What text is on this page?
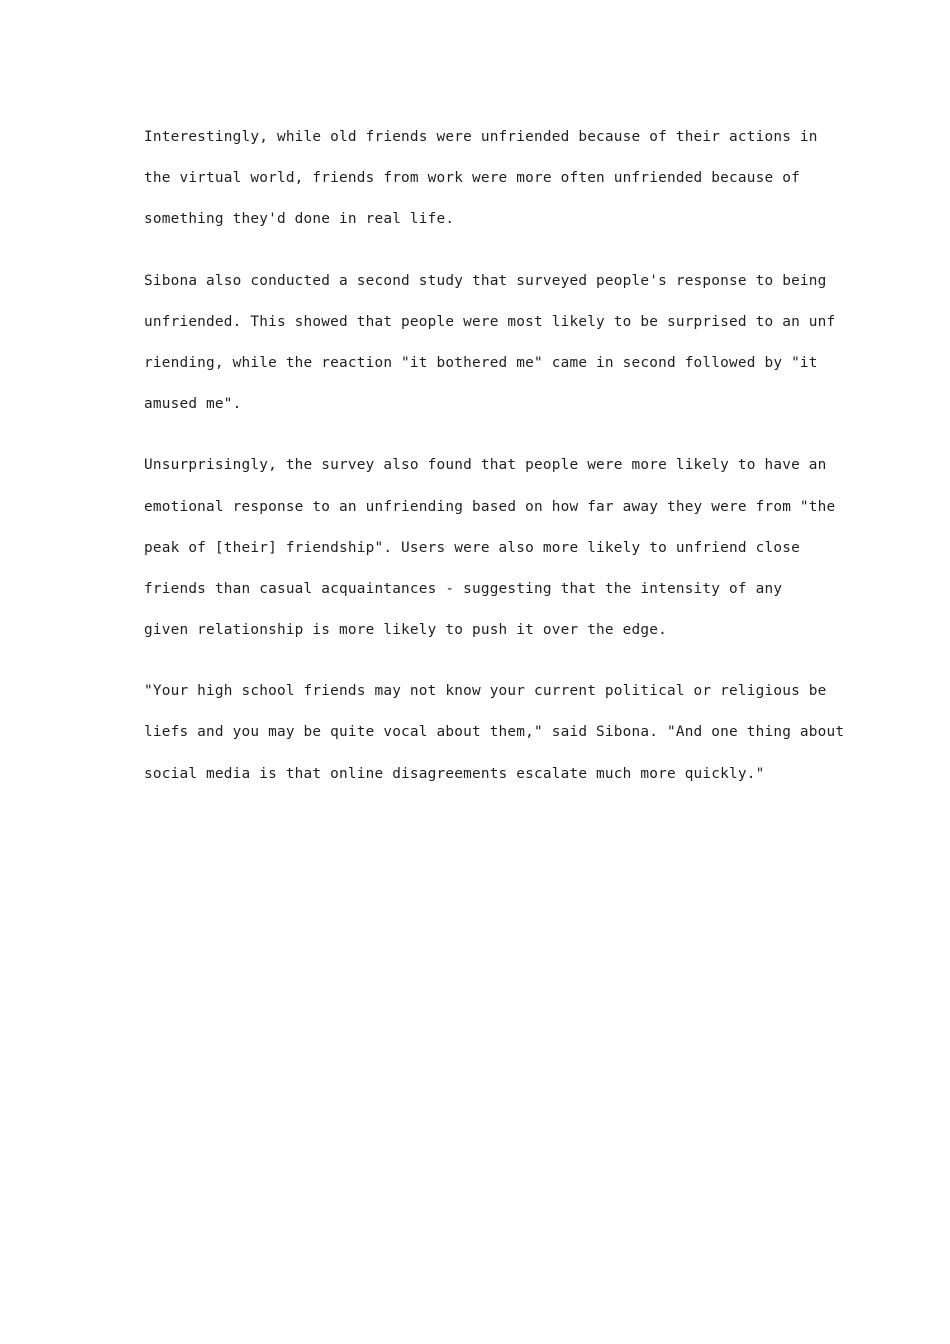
Interestingly, while old friends were unfriended because of their actions in
the virtual world, friends from work were more often unfriended because of
something they'd done in real life.

Sibona also conducted a second study that surveyed people's response to being
unfriended. This showed that people were most likely to be surprised to an unf
riending, while the reaction "it bothered me" came in second followed by "it
amused me".

Unsurprisingly, the survey also found that people were more likely to have an
emotional response to an unfriending based on how far away they were from "the
peak of [their] friendship". Users were also more likely to unfriend close
friends than casual acquaintances - suggesting that the intensity of any
given relationship is more likely to push it over the edge.

"Your high school friends may not know your current political or religious be
liefs and you may be quite vocal about them," said Sibona. "And one thing about
social media is that online disagreements escalate much more quickly."
